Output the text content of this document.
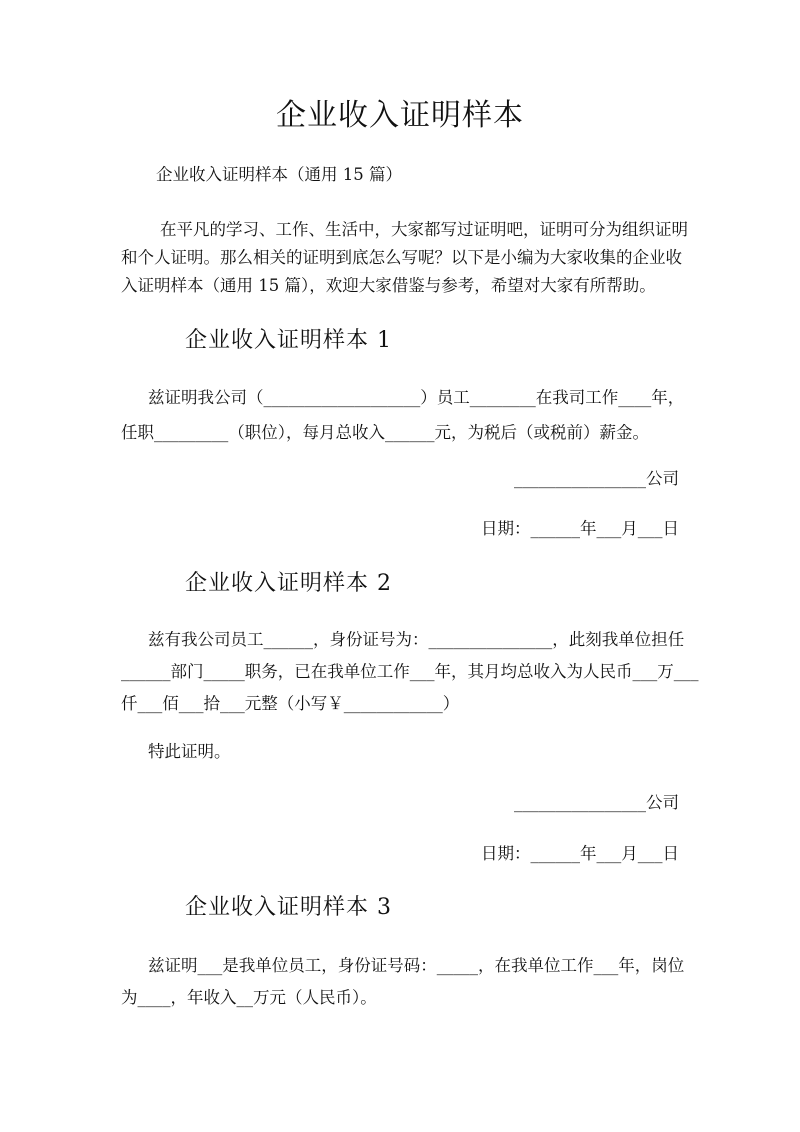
企业收入证明样本
企业收入证明样本（通用 15 篇）
在平凡的学习、工作、生活中，大家都写过证明吧，证明可分为组织证明
和个人证明。那么相关的证明到底怎么写呢？以下是小编为大家收集的企业收
入证明样本（通用 15 篇），欢迎大家借鉴与参考，希望对大家有所帮助。
企业收入证明样本 1
兹证明我公司（___________________）员工________在我司工作____年，
任职_________（职位），每月总收入______元，为税后（或税前）薪金。
________________公司
日期：______年___月___日
企业收入证明样本 2
兹有我公司员工______，身份证号为：_______________，此刻我单位担任
______部门_____职务，已在我单位工作___年，其月均总收入为人民币___万___
仟___佰___拾___元整（小写￥____________）
特此证明。
________________公司
日期：______年___月___日
企业收入证明样本 3
兹证明___是我单位员工，身份证号码：_____，在我单位工作___年，岗位
为____，年收入__万元（人民币）。
